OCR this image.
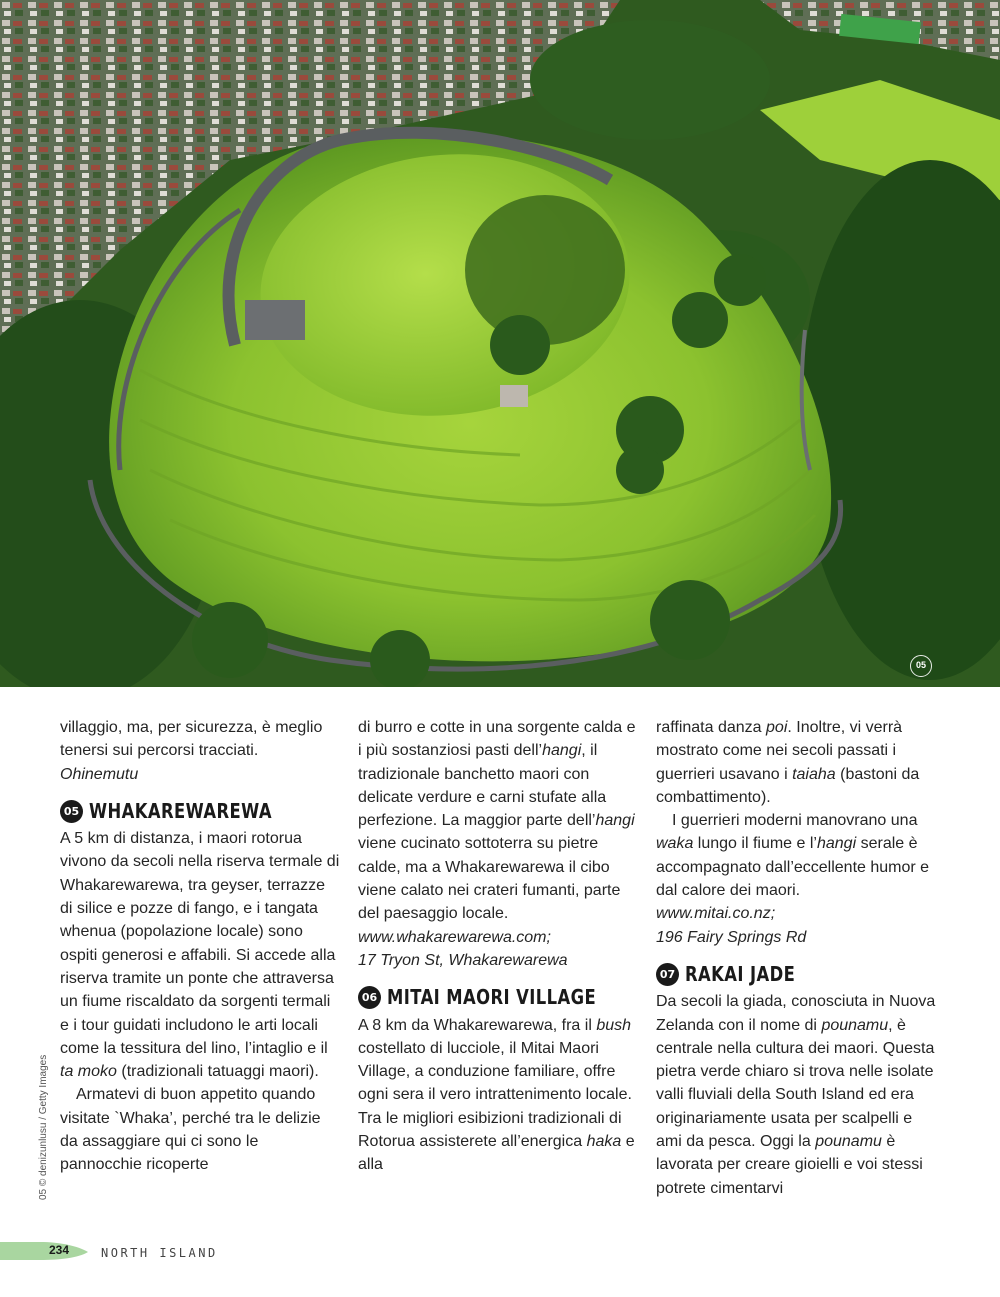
05

villaggio, ma, per sicurezza, è meglio tenersi sui percorsi tracciati.
Ohinemutu

05 WHAKAREWAREWA

A 5 km di distanza, i maori rotorua vivono da secoli nella riserva termale di Whakarewarewa, tra geyser, terrazze di silice e pozze di fango, e i tangata whenua (popolazione locale) sono ospiti generosi e affabili. Si accede alla riserva tramite un ponte che attraversa un fiume riscaldato da sorgenti termali e i tour guidati includono le arti locali come la tessitura del lino, l’intaglio e il ta moko (tradizionali tatuaggi maori).

Armatevi di buon appetito quando visitate `Whaka’, perché tra le delizie da assaggiare qui ci sono le pannocchie ricoperte

di burro e cotte in una sorgente calda e i più sostanziosi pasti dell’hangi, il tradizionale banchetto maori con delicate verdure e carni stufate alla perfezione. La maggior parte dell’hangi viene cucinato sottoterra su pietre calde, ma a Whakarewarewa il cibo viene calato nei crateri fumanti, parte del paesaggio locale.

www.whakarewarewa.com;

17 Tryon St, Whakarewarewa

06 MITAI MAORI VILLAGE

A 8 km da Whakarewarewa, fra il bush costellato di lucciole, il Mitai Maori Village, a conduzione familiare, offre ogni sera il vero intrattenimento locale. Tra le migliori esibizioni tradizionali di Rotorua assisterete all’energica haka e alla

raffinata danza poi. Inoltre, vi verrà mostrato come nei secoli passati i guerrieri usavano i taiaha (bastoni da combattimento).

I guerrieri moderni manovrano una waka lungo il fiume e l’hangi serale è accompagnato dall’eccellente humor e dal calore dei maori.

www.mitai.co.nz;

196 Fairy Springs Rd

07 RAKAI JADE

Da secoli la giada, conosciuta in Nuova Zelanda con il nome di pounamu, è centrale nella cultura dei maori. Questa pietra verde chiaro si trova nelle isolate valli fluviali della South Island ed era originariamente usata per scalpelli e ami da pesca. Oggi la pounamu è lavorata per creare gioielli e voi stessi potrete cimentarvi

05 © denizunlusu / Getty Images
234	NORTH ISLAND
